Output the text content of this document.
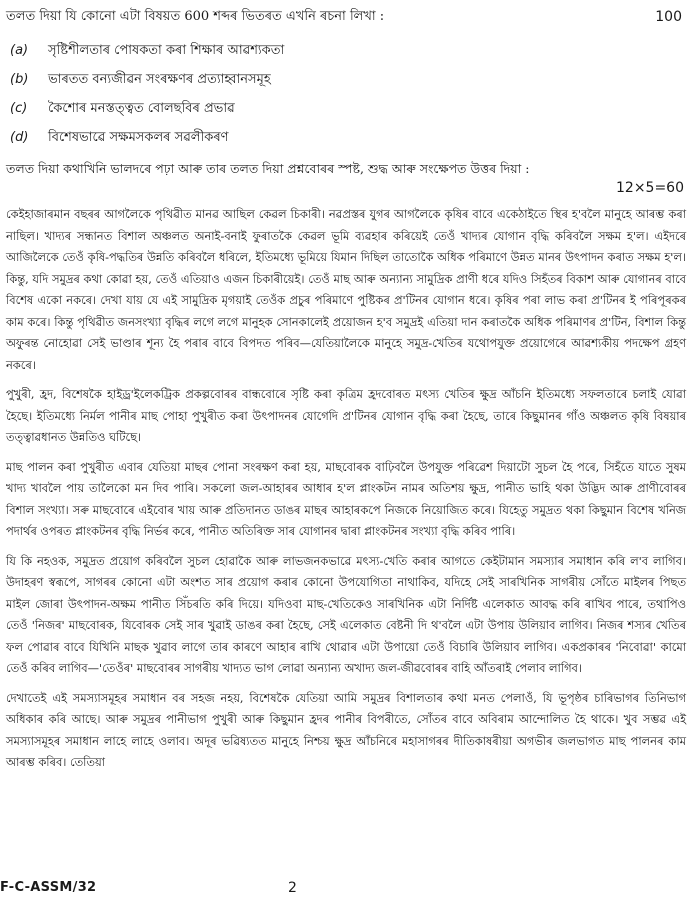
তলত দিয়া যি কোনো এটা বিষয়ত 600 শব্দৰ ভিতৰত এখনি ৰচনা লিখা :	100
(a)	সৃষ্টিশীলতাৰ পোষকতা কৰা শিক্ষাৰ আৱশ্যকতা
(b)	ভাৰতত বন্যজীৱন সংৰক্ষণৰ প্ৰত্যাহ্বানসমূহ
(c)	কৈশোৰ মনস্তত্ত্বত বোলছবিৰ প্ৰভাৱ
(d)	বিশেষভাৱে সক্ষমসকলৰ সৱলীকৰণ
তলত দিয়া কথাখিনি ভালদৰে পঢ়া আৰু তাৰ তলত দিয়া প্ৰশ্নবোৰৰ স্পষ্ট, শুদ্ধ আৰু সংক্ষেপত উত্তৰ দিয়া :
12×5=60

কেইহাজাৰমান বছৰৰ আগলৈকে পৃথিৱীত মানৱ আছিল কেৱল চিকাৰী। নৱপ্ৰস্তৰ যুগৰ আগলৈকে কৃষিৰ বাবে একেঠাইতে স্থিৰ হ'বলৈ মানুহে আৰম্ভ কৰা নাছিল। খাদ্যৰ সন্ধানত বিশাল অঞ্চলত অনাই-বনাই ফুৰাতকৈ কেৱল ভূমি ব্যৱহাৰ কৰিয়েই তেওঁ খাদ্যৰ যোগান বৃদ্ধি কৰিবলৈ সক্ষম হ'ল। এইদৰে আজিলৈকে তেওঁ কৃষি-পদ্ধতিৰ উন্নতি কৰিবলৈ ধৰিলে, ইতিমধ্যে ভূমিয়ে যিমান দিছিল তাতোকৈ অধিক পৰিমাণে উন্নত মানৰ উৎপাদন কৰাত সক্ষম হ'ল। কিন্তু, যদি সমুদ্ৰৰ কথা কোৱা হয়, তেওঁ এতিয়াও এজন চিকাৰীয়েই। তেওঁ মাছ আৰু অন্যান্য সামুদ্ৰিক প্ৰাণী ধৰে যদিও সিহঁতৰ বিকাশ আৰু যোগানৰ বাবে বিশেষ একো নকৰে। দেখা যায় যে এই সামুদ্ৰিক মৃগয়াই তেওঁক প্ৰচুৰ পৰিমাণে পুষ্টিকৰ প্ৰ'টিনৰ যোগান ধৰে। কৃষিৰ পৰা লাভ কৰা প্ৰ'টিনৰ ই পৰিপূৰকৰ কাম কৰে। কিন্তু পৃথিৱীত জনসংখ্যা বৃদ্ধিৰ লগে লগে মানুহক সোনকালেই প্ৰয়োজন হ'ব সমুদ্ৰই এতিয়া দান কৰাতকৈ অধিক পৰিমাণৰ প্ৰ'টিন, বিশাল কিন্তু অফুৰন্ত নোহোৱা সেই ভাণ্ডাৰ শূন্য হৈ পৰাৰ বাবে বিপদত পৰিব—যেতিয়ালৈকে মানুহে সমুদ্ৰ-খেতিৰ যথোপযুক্ত প্ৰয়োগেৰে আৱশ্যকীয় পদক্ষেপ গ্ৰহণ নকৰে।

পুখুৰী, হ্ৰদ, বিশেষকৈ হাইড্ৰ'ইলেকট্ৰিক প্ৰকল্পবোৰৰ বান্ধবোৰে সৃষ্টি কৰা কৃত্ৰিম হ্ৰদবোৰত মৎস্য খেতিৰ ক্ষুদ্ৰ আঁচনি ইতিমধ্যে সফলতাৰে চলাই যোৱা হৈছে। ইতিমধ্যে নিৰ্মল পানীৰ মাছ পোহা পুখুৰীত কৰা উৎপাদনৰ যোগেদি প্ৰ'টিনৰ যোগান বৃদ্ধি কৰা হৈছে, তাৰে কিছুমানৰ গাঁও অঞ্চলত কৃষি বিষয়াৰ তত্ত্বাৱধানত উন্নতিও ঘটিছে।

মাছ পালন কৰা পুখুৰীত এবাৰ যেতিয়া মাছৰ পোনা সংৰক্ষণ কৰা হয়, মাছবোৰক বাঢ়িবলৈ উপযুক্ত পৰিৱেশ দিয়াটো সুচল হৈ পৰে, সিহঁতে যাতে সুষম খাদ্য খাবলৈ পায় তালৈকো মন দিব পাৰি। সকলো জল-আহাৰৰ আধাৰ হ'ল প্লাংকটন নামৰ অতিশয় ক্ষুদ্ৰ, পানীত ভাহি থকা উদ্ভিদ আৰু প্ৰাণীবোৰৰ বিশাল সংখ্যা। সৰু মাছবোৰে এইবোৰ খায় আৰু প্ৰতিদানত ডাঙৰ মাছৰ আহাৰকপে নিজকে নিয়োজিত কৰে। যিহেতু সমুদ্ৰত থকা কিছুমান বিশেষ খনিজ পদাৰ্থৰ ওপৰত প্লাংকটনৰ বৃদ্ধি নিৰ্ভৰ কৰে, পানীত অতিৰিক্ত সাৰ যোগানৰ দ্বাৰা প্লাংকটনৰ সংখ্যা বৃদ্ধি কৰিব পাৰি।

যি কি নহওক, সমুদ্ৰত প্ৰয়োগ কৰিবলৈ সুচল হোৱাকৈ আৰু লাভজনকভাৱে মৎস্য-খেতি কৰাৰ আগতে কেইটামান সমস্যাৰ সমাধান কৰি ল'ব লাগিব। উদাহৰণ স্বৰূপে, সাগৰৰ কোনো এটা অংশত সাৰ প্ৰয়োগ কৰাৰ কোনো উপযোগিতা নাথাকিব, যদিহে সেই সাৰখিনিক সাগৰীয় সোঁতে মাইলৰ পিছত মাইল জোৰা উৎপাদন-অক্ষম পানীত সিঁচৰতি কৰি দিয়ে। যদিওবা মাছ-খেতিকেও সাৰখিনিক এটা নিৰ্দিষ্ট এলেকাত আবদ্ধ কৰি ৰাখিব পাৰে, তথাপিও তেওঁ 'নিজৰ' মাছবোৰক, যিবোৰক সেই সাৰ খুৱাই ডাঙৰ কৰা হৈছে, সেই এলেকাত বেষ্টনী দি থ'বলৈ এটা উপায় উলিয়াব লাগিব। নিজৰ শস্যৰ খেতিৰ ফল পোৱাৰ বাবে যিখিনি মাছক খুৱাব লাগে তাৰ কাৰণে আহাৰ ৰাখি থোৱাৰ এটা উপায়ো তেওঁ বিচাৰি উলিয়াব লাগিব। একপ্ৰকাৰৰ 'নিবোৱা' কামো তেওঁ কৰিব লাগিব—'তেওঁৰ' মাছবোৰৰ সাগৰীয় খাদ্যত ভাগ লোৱা অন্যান্য অখাদ্য জল-জীৱবোৰৰ বাহি আঁতৰাই পেলাব লাগিব।

দেখাতেই এই সমস্যাসমূহৰ সমাধান বৰ সহজ নহয়, বিশেষকৈ যেতিয়া আমি সমুদ্ৰৰ বিশালতাৰ কথা মনত পেলাওঁ, যি ভূপৃষ্ঠৰ চাৰিভাগৰ তিনিভাগ অধিকাৰ কৰি আছে। আৰু সমুদ্ৰৰ পানীভাগ পুখুৰী আৰু কিছুমান হ্ৰদৰ পানীৰ বিপৰীতে, সোঁতৰ বাবে অবিৰাম আন্দোলিত হৈ থাকে। খুব সম্ভৱ এই সমস্যাসমূহৰ সমাধান লাহে লাহে ওলাব। অদূৰ ভৱিষ্যতত মানুহে নিশ্চয় ক্ষুদ্ৰ আঁচনিৰে মহাসাগৰৰ দীতিকাষৰীয়া অগভীৰ জলভাগত মাছ পালনৰ কাম আৰম্ভ কৰিব। তেতিয়া

F-C-ASSM/32	2
